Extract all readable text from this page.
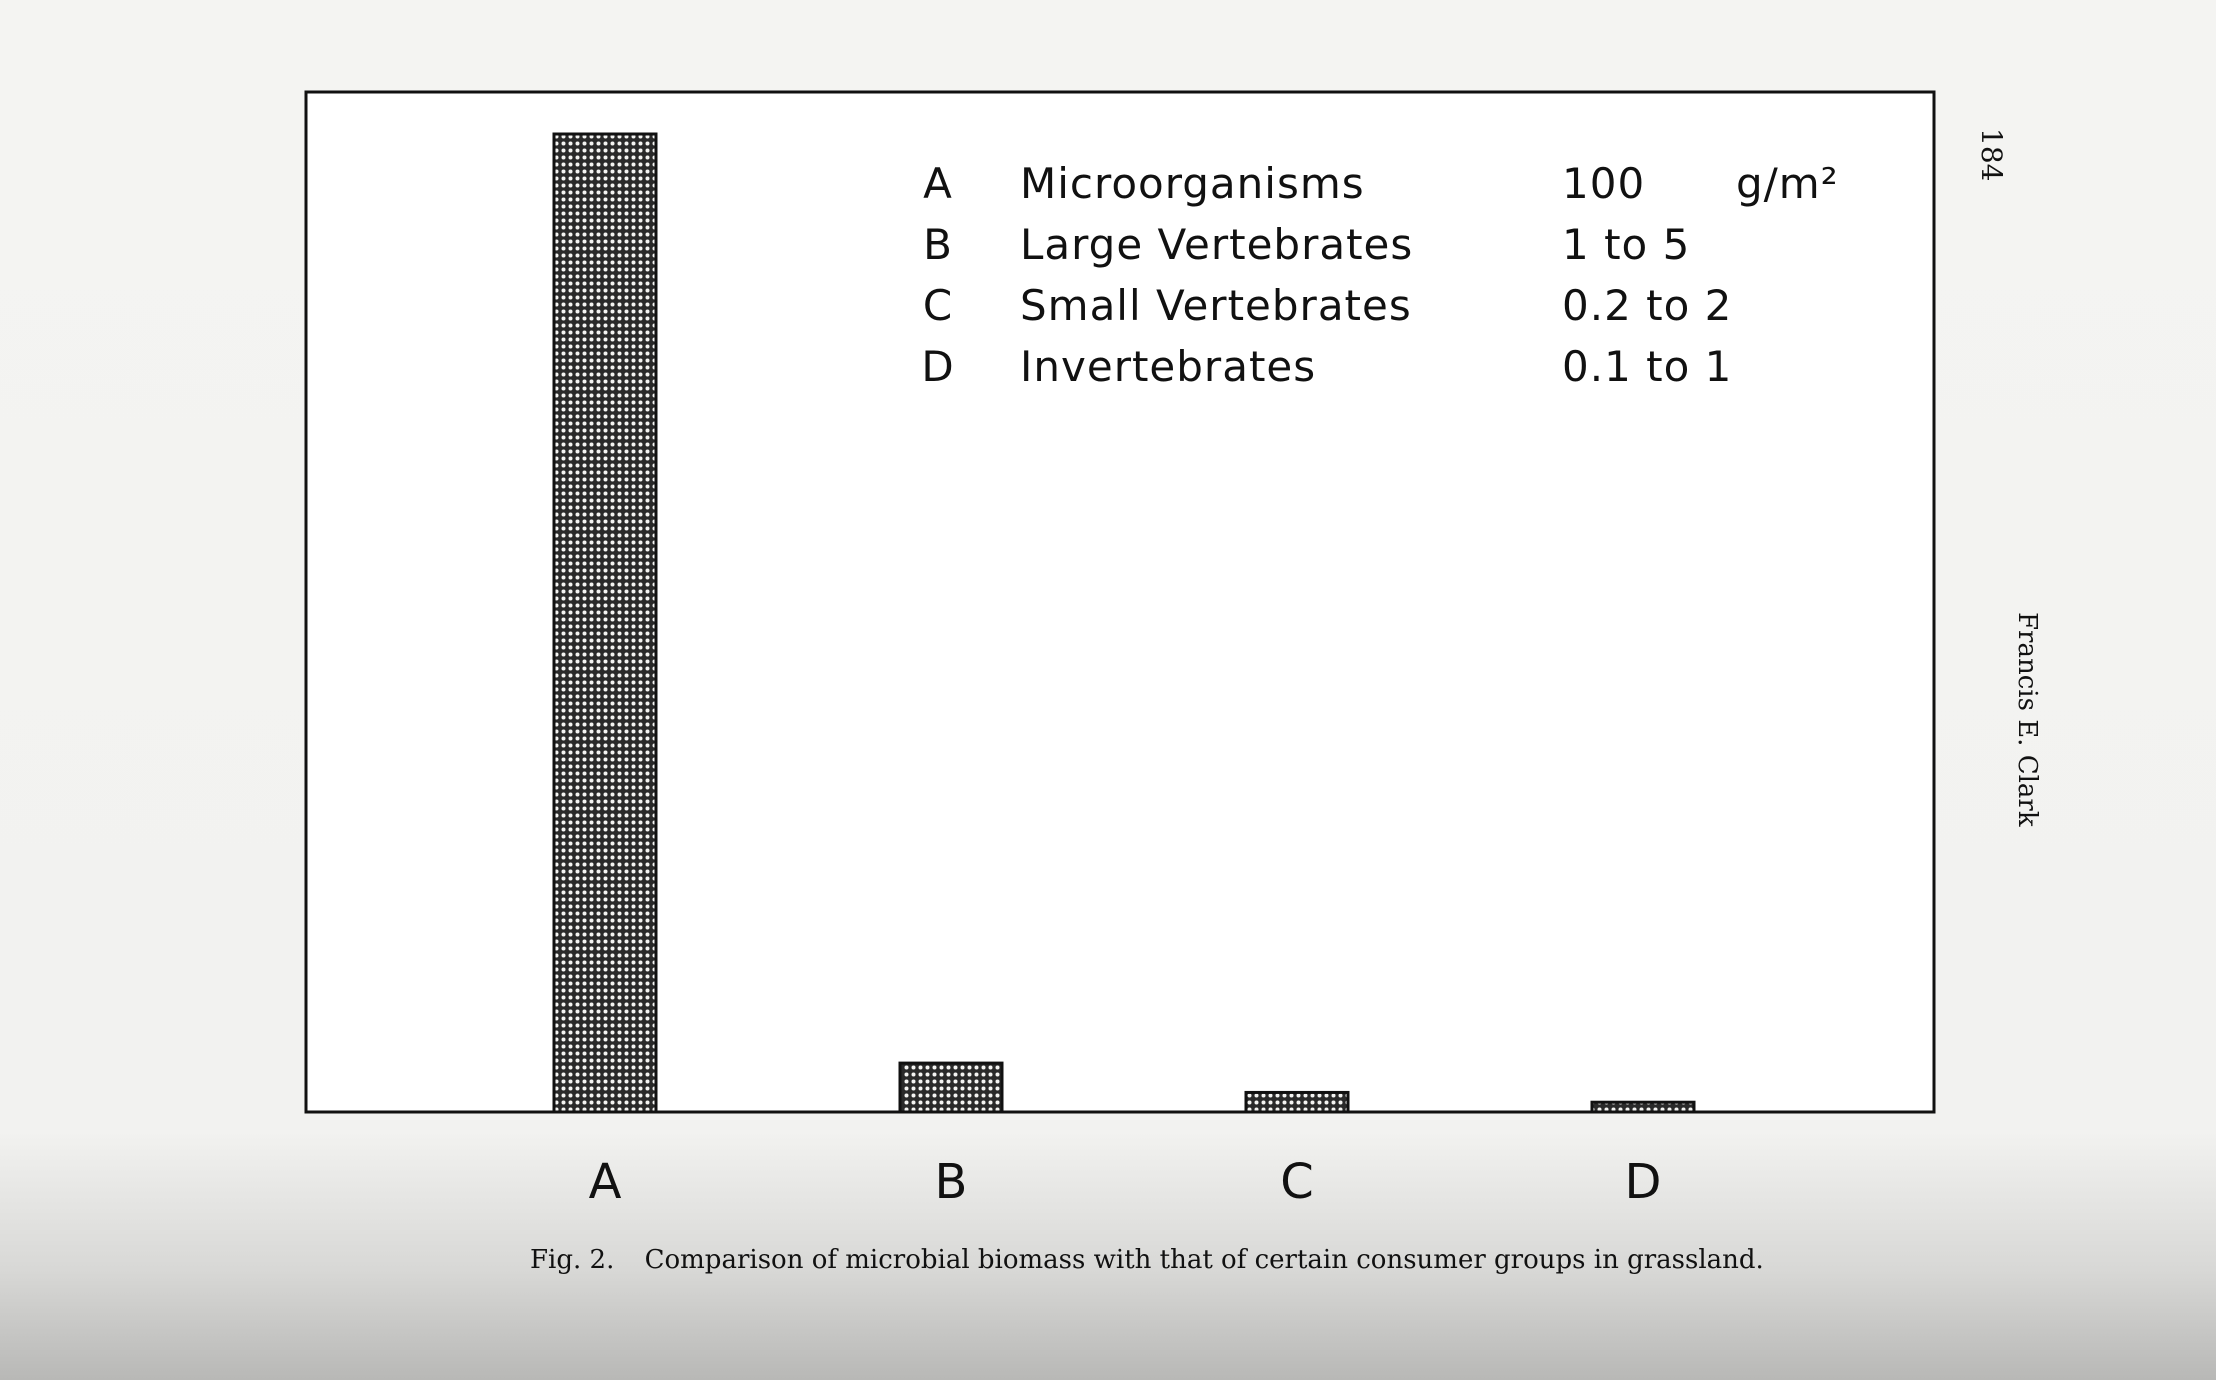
184
Francis E. Clark
A	B	C	D
A Microorganisms	100 g/m²
B Large Vertebrates	1 to 5
C Small Vertebrates	0.2 to 2
D Invertebrates	0.1 to 1
Fig. 2. Comparison of microbial biomass with that of certain consumer groups in grassland.
